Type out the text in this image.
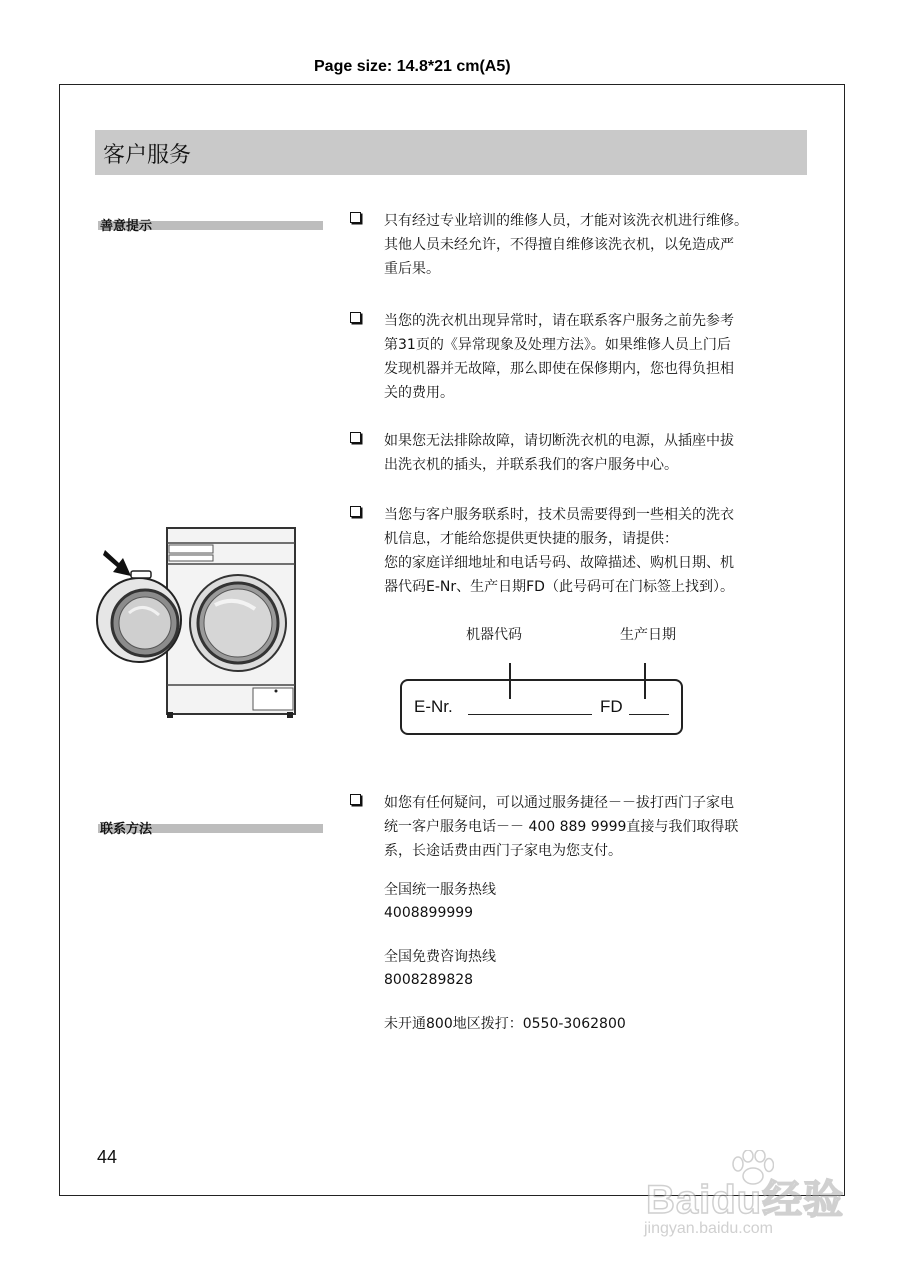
Page size: 14.8*21 cm(A5)
客户服务
善意提示
联系方法
只有经过专业培训的维修人员，才能对该洗衣机进行维修。
其他人员未经允许，不得擅自维修该洗衣机，以免造成严
重后果。
当您的洗衣机出现异常时，请在联系客户服务之前先参考
第31页的《异常现象及处理方法》。如果维修人员上门后
发现机器并无故障，那么即使在保修期内，您也得负担相
关的费用。
如果您无法排除故障，请切断洗衣机的电源，从插座中拔
出洗衣机的插头，并联系我们的客户服务中心。
当您与客户服务联系时，技术员需要得到一些相关的洗衣
机信息，才能给您提供更快捷的服务，请提供：
您的家庭详细地址和电话号码、故障描述、购机日期、机
器代码E-Nr、生产日期FD（此号码可在门标签上找到）。
机器代码	生产日期
E-Nr.	FD
如您有任何疑问，可以通过服务捷径－－拔打西门子家电
统一客户服务电话－－ 400 889 9999直接与我们取得联
系，长途话费由西门子家电为您支付。
全国统一服务热线
4008899999
全国免费咨询热线
8008289828
未开通800地区拨打：0550-3062800
44
Baidu经验
jingyan.baidu.com
